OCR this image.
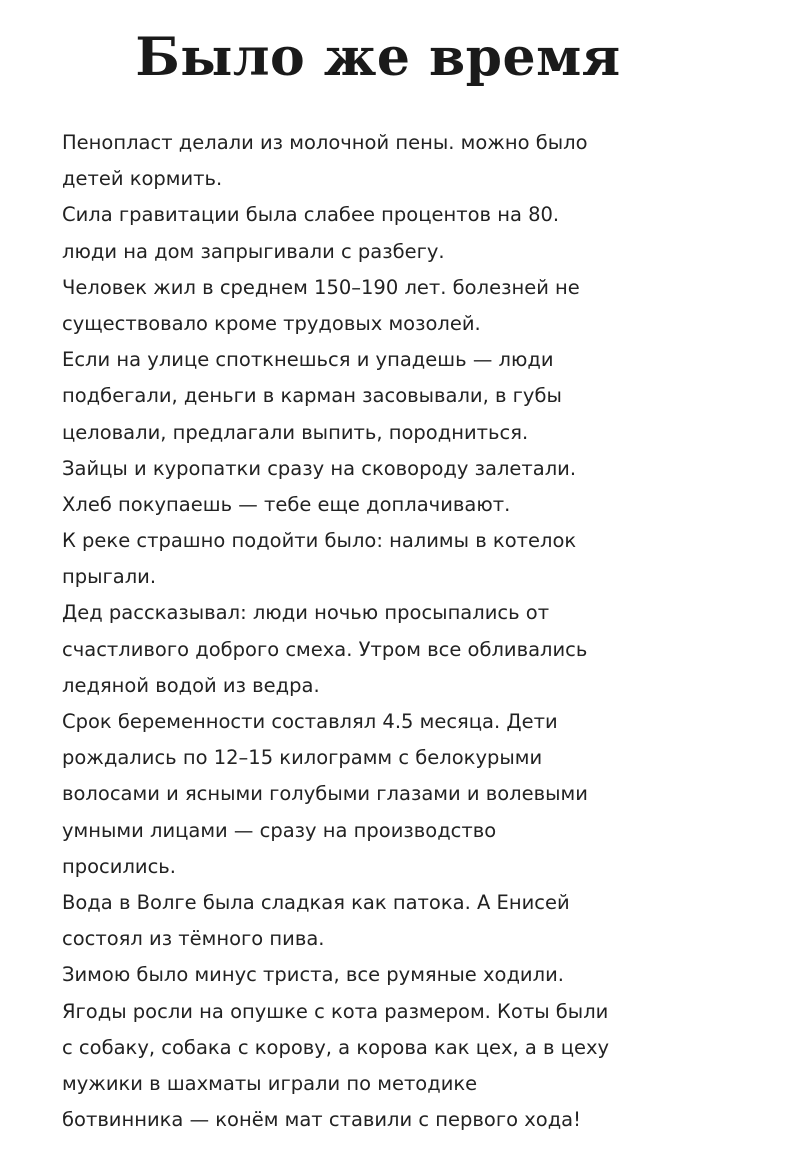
Было же время
Пенопласт делали из молочной пены. можно было
детей кормить.
Сила гравитации была слабее процентов на 80.
люди на дом запрыгивали с разбегу.
Человек жил в среднем 150–190 лет. болезней не
существовало кроме трудовых мозолей.
Если на улице споткнешься и упадешь — люди
подбегали, деньги в карман засовывали, в губы
целовали, предлагали выпить, породниться.
Зайцы и куропатки сразу на сковороду залетали.
Хлеб покупаешь — тебе еще доплачивают.
К реке страшно подойти было: налимы в котелок
прыгали.
Дед рассказывал: люди ночью просыпались от
счастливого доброго смеха. Утром все обливались
ледяной водой из ведра.
Срок беременности составлял 4.5 месяца. Дети
рождались по 12–15 килограмм с белокурыми
волосами и ясными голубыми глазами и волевыми
умными лицами — сразу на производство
просились.
Вода в Волге была сладкая как патока. А Енисей
состоял из тёмного пива.
Зимою было минус триста, все румяные ходили.
Ягоды росли на опушке с кота размером. Коты были
с собаку, собака с корову, а корова как цех, а в цеху
мужики в шахматы играли по методике
ботвинника — конём мат ставили с первого хода!
